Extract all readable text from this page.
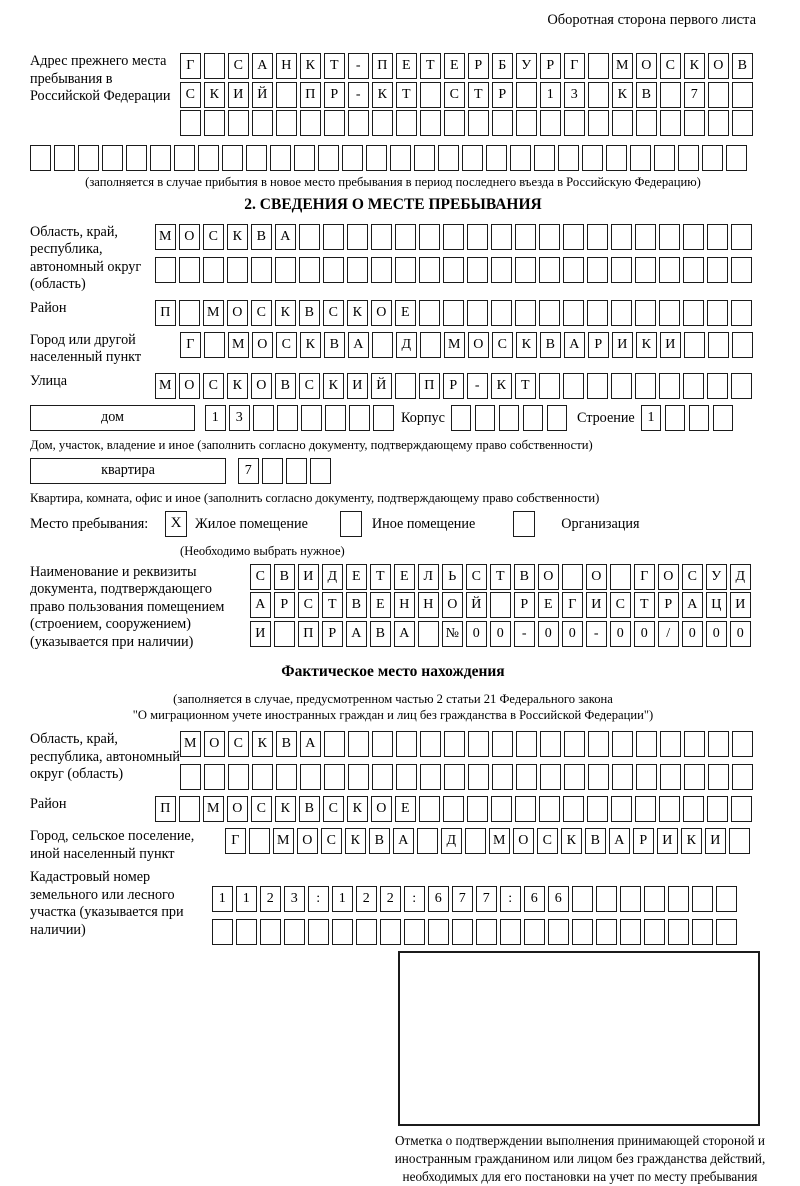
Оборотная сторона первого листа
Адрес прежнего места пребывания в Российской Федерации
Г	С	А Н	К	Т	-	П	Е	Т	Е	Р	Б	У	Р	Г	М О	С	К	О	В
С	К	И Й	П	Р	-	К	Т	С	Т	Р	1	3	К	В	7
(заполняется в случае прибытия в новое место пребывания в период последнего въезда в Российскую Федерацию)
2. СВЕДЕНИЯ О МЕСТЕ ПРЕБЫВАНИЯ
Область, край, республика, автономный округ (область)
М О	С	К	В	А
Район	П	М О	С	К	В	С	К	О	Е
Город или другой населенный пункт
Г	М О	С	К	В	А	Д	М О	С	К	В	А	Р	И	К	И
Улица	М О	С	К	О	В	С	К	И Й	П	Р	-	К	Т
дом	1	3	Корпус	Строение 1
Дом, участок, владение и иное (заполнить согласно документу, подтверждающему право собственности)
квартира	7
Квартира, комната, офис и иное (заполнить согласно документу, подтверждающему право собственности)
Место пребывания:	X Жилое помещение	Иное помещение	Организация
(Необходимо выбрать нужное)
Наименование и реквизиты документа, подтверждающего право пользования помещением (строением, сооружением) (указывается при наличии)
С	В	И	Д	Е	Т	Е	Л	Ь	С	Т	В	О	О	Г	О	С	У	Д
А	Р	С	Т	В	Е	Н Н О Й	Р	Е	Г	И	С	Т	Р	А Ц И
И	П	Р	А	В	А	№ 0	0	-	0	0	-	0	0	/	0	0	0
Фактическое место нахождения
(заполняется в случае, предусмотренном частью 2 статьи 21 Федерального закона
"О миграционном учете иностранных граждан и лиц без гражданства в Российской Федерации")
Область, край, республика, автономный округ (область)
М О	С	К	В	А
Район	П	М О	С	К	В	С	К	О	Е
Город, сельское поселение, иной населенный пункт
Г	М О	С	К	В	А	Д	М О	С	К	В	А	Р	И	К	И
Кадастровый номер земельного или лесного участка (указывается при наличии)
1	1	2	3	:	1	2	2	:	6	7	7	:	6	6
Отметка о подтверждении выполнения принимающей стороной и иностранным гражданином или лицом без гражданства действий, необходимых для его постановки на учет по месту пребывания
